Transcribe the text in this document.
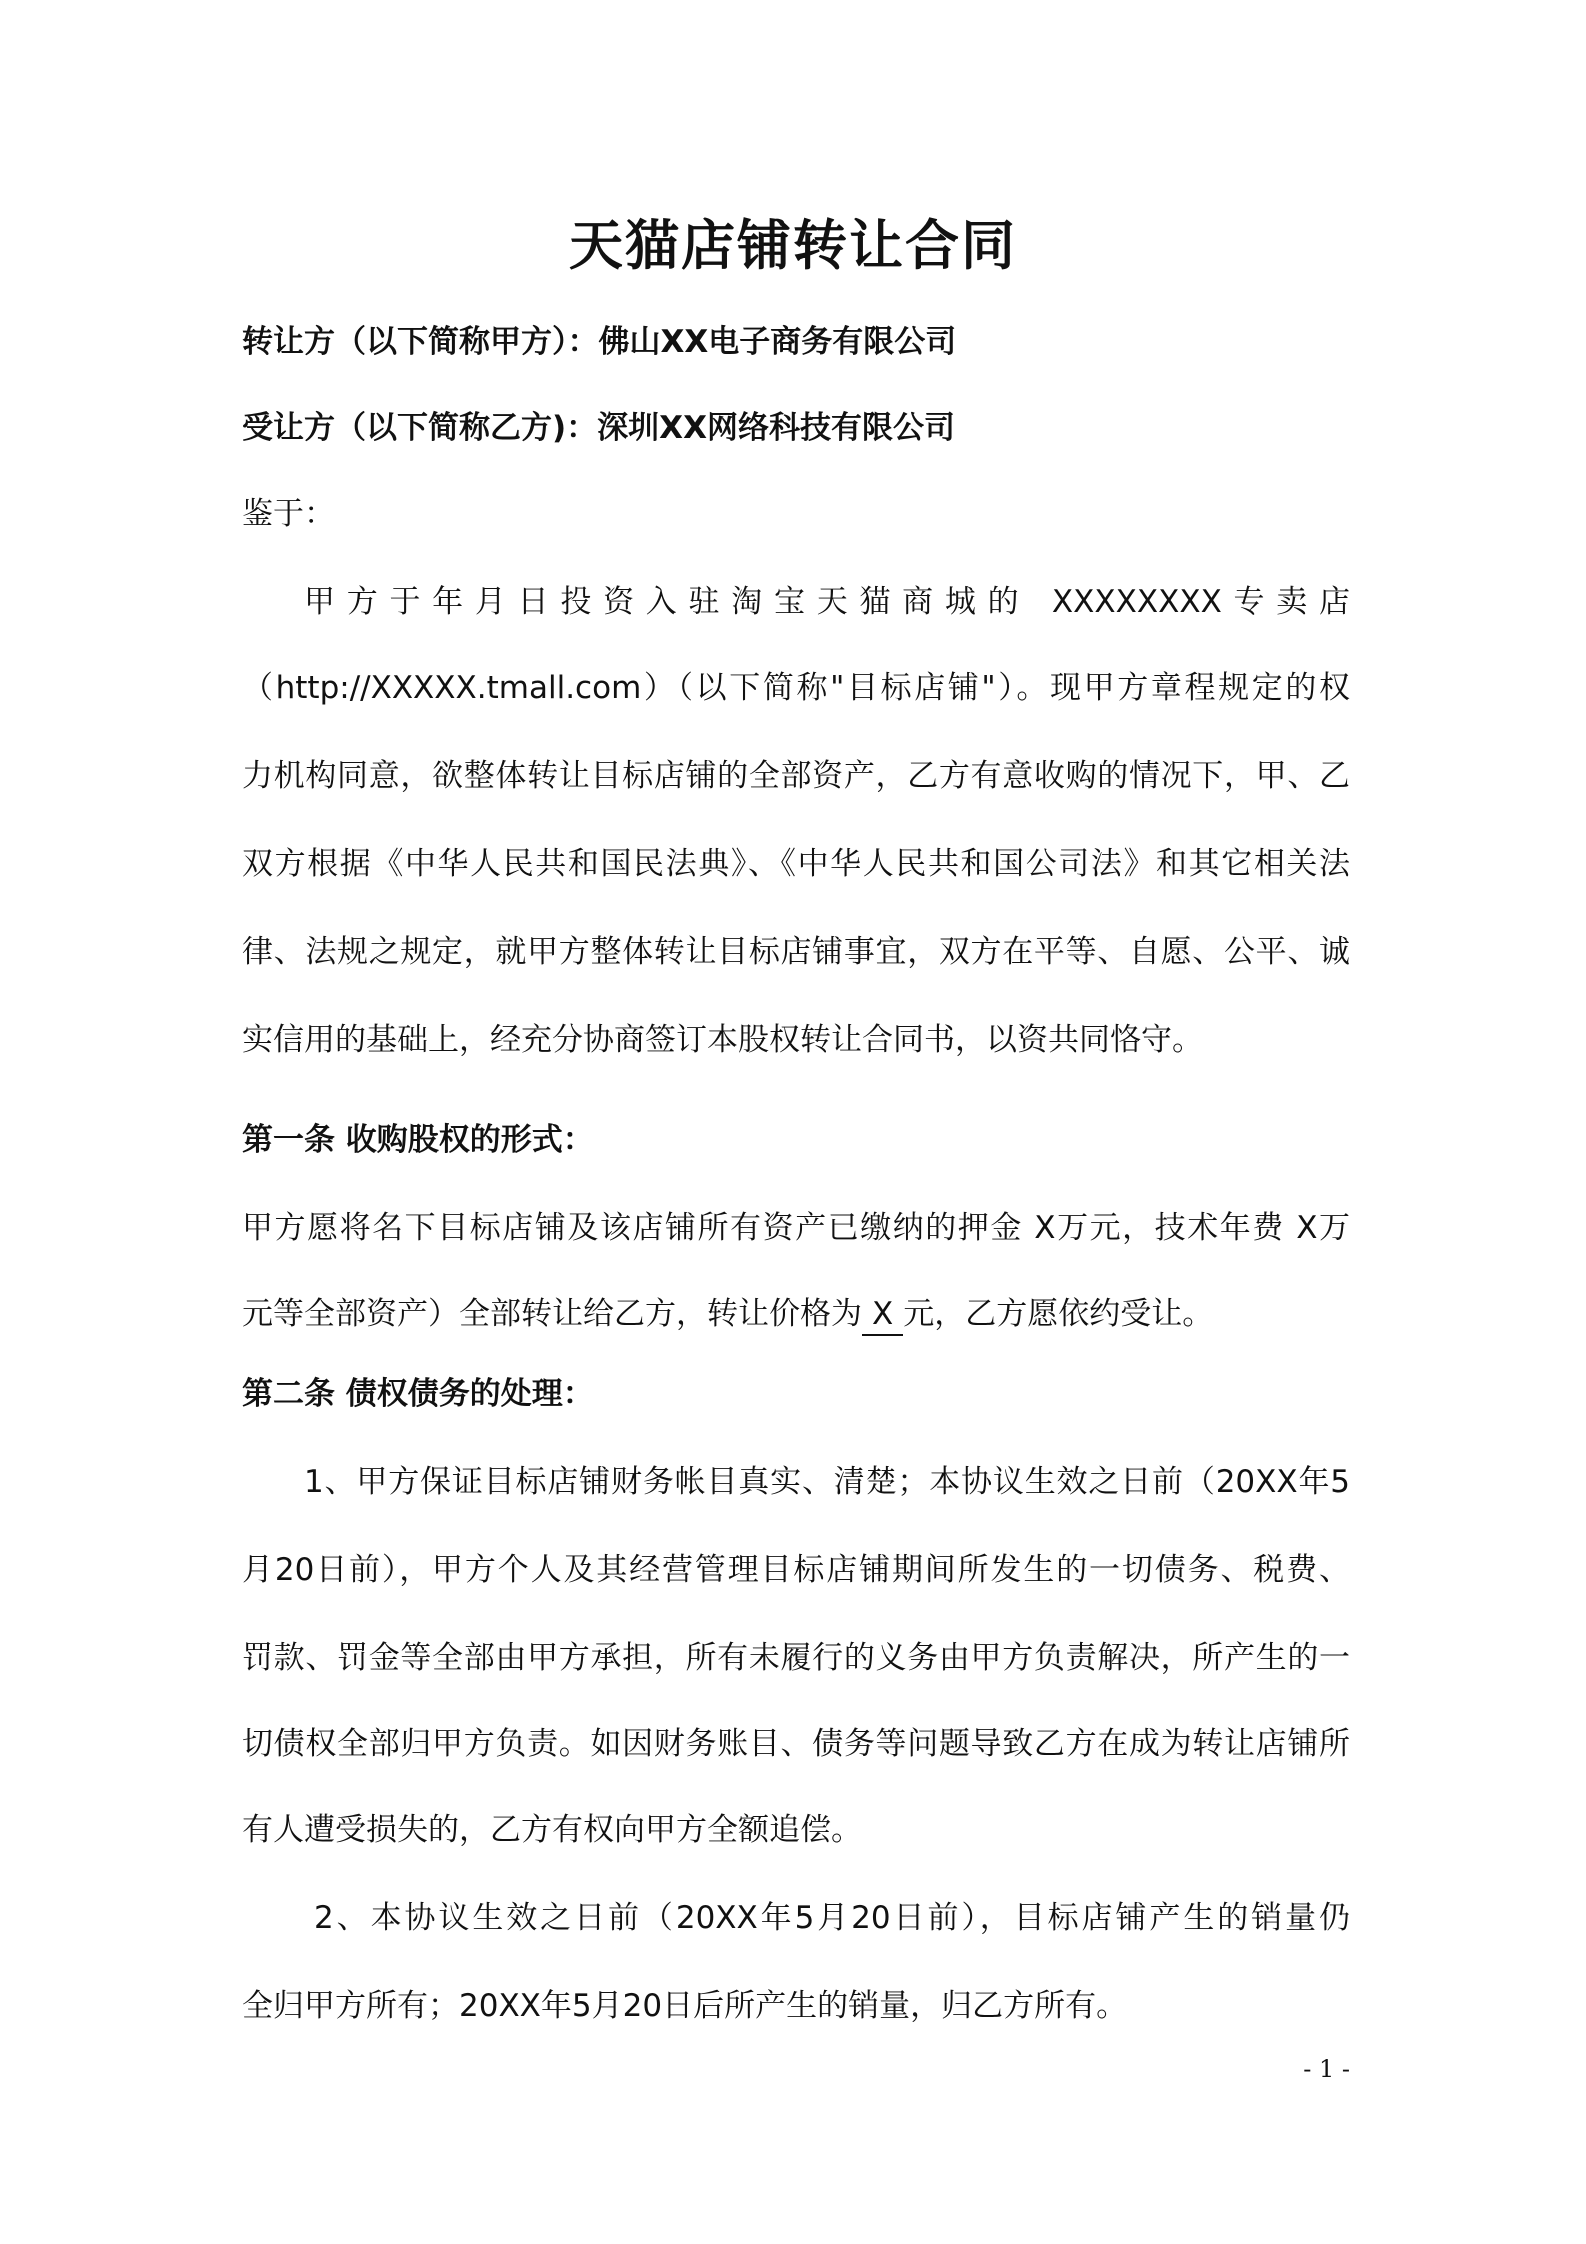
天猫店铺转让合同
转让方（以下简称甲方）：佛山XX电子商务有限公司
受让方（以下简称乙方)：深圳XX网络科技有限公司
鉴于：
甲方于年月日投资入驻淘宝天猫商城的 XXXXXXXX专卖店
（http://XXXXX.tmall.com）（以下简称"目标店铺"）。现甲方章程规定的权
力机构同意，欲整体转让目标店铺的全部资产，乙方有意收购的情况下，甲、乙
双方根据《中华人民共和国民法典》、《中华人民共和国公司法》和其它相关法
律、法规之规定，就甲方整体转让目标店铺事宜，双方在平等、自愿、公平、诚
实信用的基础上，经充分协商签订本股权转让合同书，以资共同恪守。
第一条 收购股权的形式：
甲方愿将名下目标店铺及该店铺所有资产已缴纳的押金 X万元，技术年费 X万
元等全部资产）全部转让给乙方，转让价格为 X 元，乙方愿依约受让。
第二条 债权债务的处理：
1、甲方保证目标店铺财务帐目真实、清楚；本协议生效之日前（20XX年5
月20日前），甲方个人及其经营管理目标店铺期间所发生的一切债务、税费、
罚款、罚金等全部由甲方承担，所有未履行的义务由甲方负责解决，所产生的一
切债权全部归甲方负责。如因财务账目、债务等问题导致乙方在成为转让店铺所
有人遭受损失的，乙方有权向甲方全额追偿。
2、本协议生效之日前（20XX年5月20日前），目标店铺产生的销量仍
全归甲方所有；20XX年5月20日后所产生的销量，归乙方所有。
- 1 -
